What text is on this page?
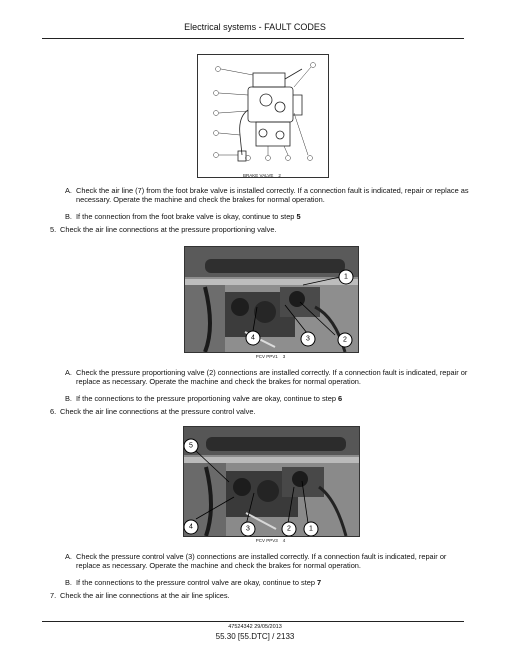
Electrical systems - FAULT CODES
BRAKE VALVE 2
A. Check the air line (7) from the foot brake valve is installed correctly. If a connection fault is indicated, repair or replace as necessary. Operate the machine and check the brakes for normal operation.
B. If the connection from the foot brake valve is okay, continue to step 5
5. Check the air line connections at the pressure proportioning valve.
1
4	3	2
PCV PPV1 3
A. Check the pressure proportioning valve (2) connections are installed correctly. If a connection fault is indicated, repair or replace as necessary. Operate the machine and check the brakes for normal operation.
B. If the connections to the pressure proportioning valve are okay, continue to step 6
6. Check the air line connections at the pressure control valve.
5
4	3	2	1
PCV PPV3 4
A. Check the pressure control valve (3) connections are installed correctly. If a connection fault is indicated, repair or replace as necessary. Operate the machine and check the brakes for normal operation.
B. If the connections to the pressure control valve are okay, continue to step 7
7. Check the air line connections at the air line splices.
47524342 29/05/2013
55.30 [55.DTC] / 2133
